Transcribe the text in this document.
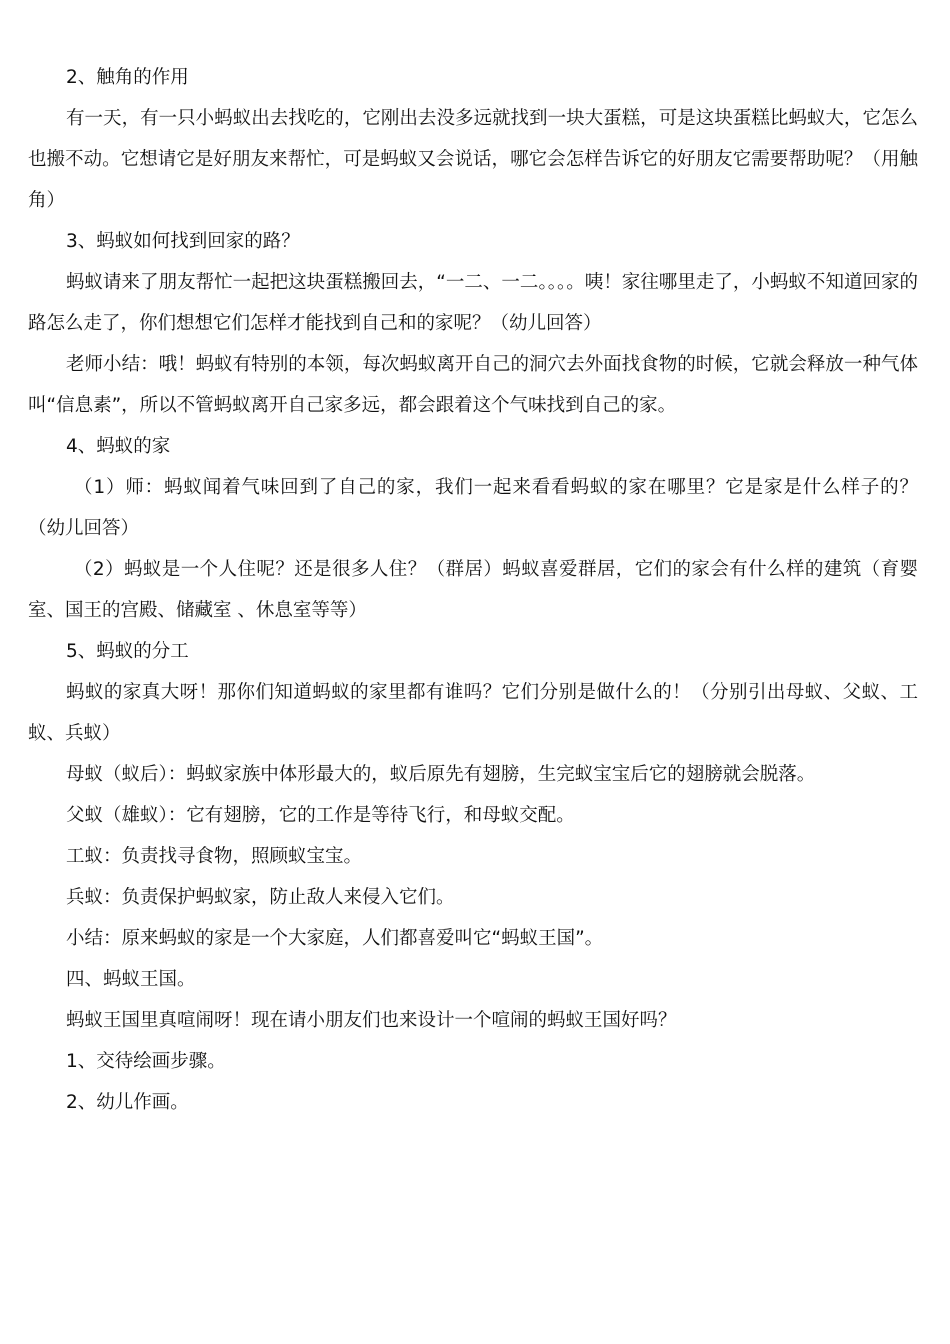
2、触角的作用

有一天，有一只小蚂蚁出去找吃的，它刚出去没多远就找到一块大蛋糕，可是这块蛋糕比蚂蚁大，它怎么也搬不动。它想请它是好朋友来帮忙，可是蚂蚁又会说话，哪它会怎样告诉它的好朋友它需要帮助呢？（用触角）

3、蚂蚁如何找到回家的路？

蚂蚁请来了朋友帮忙一起把这块蛋糕搬回去，“一二、一二。。。。咦！家往哪里走了，小蚂蚁不知道回家的路怎么走了，你们想想它们怎样才能找到自己和的家呢？（幼儿回答）

老师小结：哦！蚂蚁有特别的本领，每次蚂蚁离开自己的洞穴去外面找食物的时候，它就会释放一种气体叫“信息素”，所以不管蚂蚁离开自己家多远，都会跟着这个气味找到自己的家。

4、蚂蚁的家

（1）师：蚂蚁闻着气味回到了自己的家，我们一起来看看蚂蚁的家在哪里？它是家是什么样子的？（幼儿回答）

（2）蚂蚁是一个人住呢？还是很多人住？（群居）蚂蚁喜爱群居，它们的家会有什么样的建筑（育婴室、国王的宫殿、储藏室 、休息室等等）

5、蚂蚁的分工

蚂蚁的家真大呀！那你们知道蚂蚁的家里都有谁吗？它们分别是做什么的！（分别引出母蚁、父蚁、工蚁、兵蚁）

母蚁（蚁后）：蚂蚁家族中体形最大的，蚁后原先有翅膀，生完蚁宝宝后它的翅膀就会脱落。

父蚁（雄蚁）：它有翅膀，它的工作是等待飞行，和母蚁交配。

工蚁：负责找寻食物，照顾蚁宝宝。

兵蚁：负责保护蚂蚁家，防止敌人来侵入它们。

小结：原来蚂蚁的家是一个大家庭，人们都喜爱叫它“蚂蚁王国”。

四、蚂蚁王国。

蚂蚁王国里真喧闹呀！现在请小朋友们也来设计一个喧闹的蚂蚁王国好吗？

1、交待绘画步骤。

2、幼儿作画。
